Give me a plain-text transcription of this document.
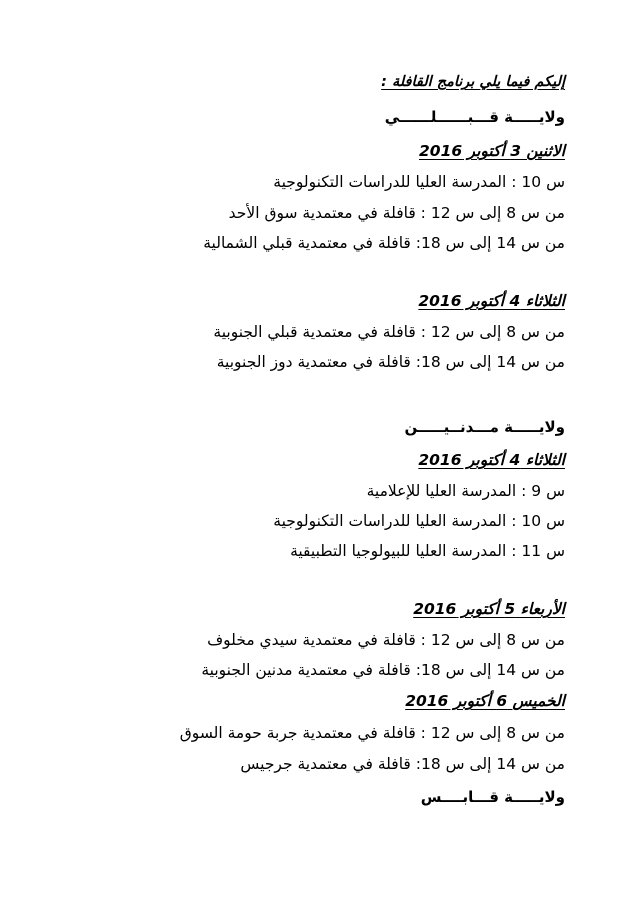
إليكم فيما يلي برنامج القافلة :
ولايـــــة قـــبــــــلــــــي
الاثنين 3 أكتوبر 2016
س 10 : المدرسة العليا للدراسات التكنولوجية
من س 8 إلى س 12 : قافلة في معتمدية سوق الأحد
من س 14 إلى س 18: قافلة في معتمدية قبلي الشمالية
الثلاثاء 4 أكتوبر 2016
من س 8 إلى س 12 : قافلة في معتمدية قبلي الجنوبية
من س 14 إلى س 18: قافلة في معتمدية دوز الجنوبية
ولايـــــة مـــدنــيـــــن
الثلاثاء 4 أكتوبر 2016
س 9 : المدرسة العليا للإعلامية
س 10 : المدرسة العليا للدراسات التكنولوجية
س 11 : المدرسة العليا للبيولوجيا التطبيقية
الأربعاء 5 أكتوبر 2016
من س 8 إلى س 12 : قافلة في معتمدية سيدي مخلوف
من س 14 إلى س 18: قافلة في معتمدية مدنين الجنوبية
الخميس 6 أكتوبر 2016
من س 8 إلى س 12 : قافلة في معتمدية جربة حومة السوق
من س 14 إلى س 18: قافلة في معتمدية جرجيس
ولايـــــة قـــابــــس
